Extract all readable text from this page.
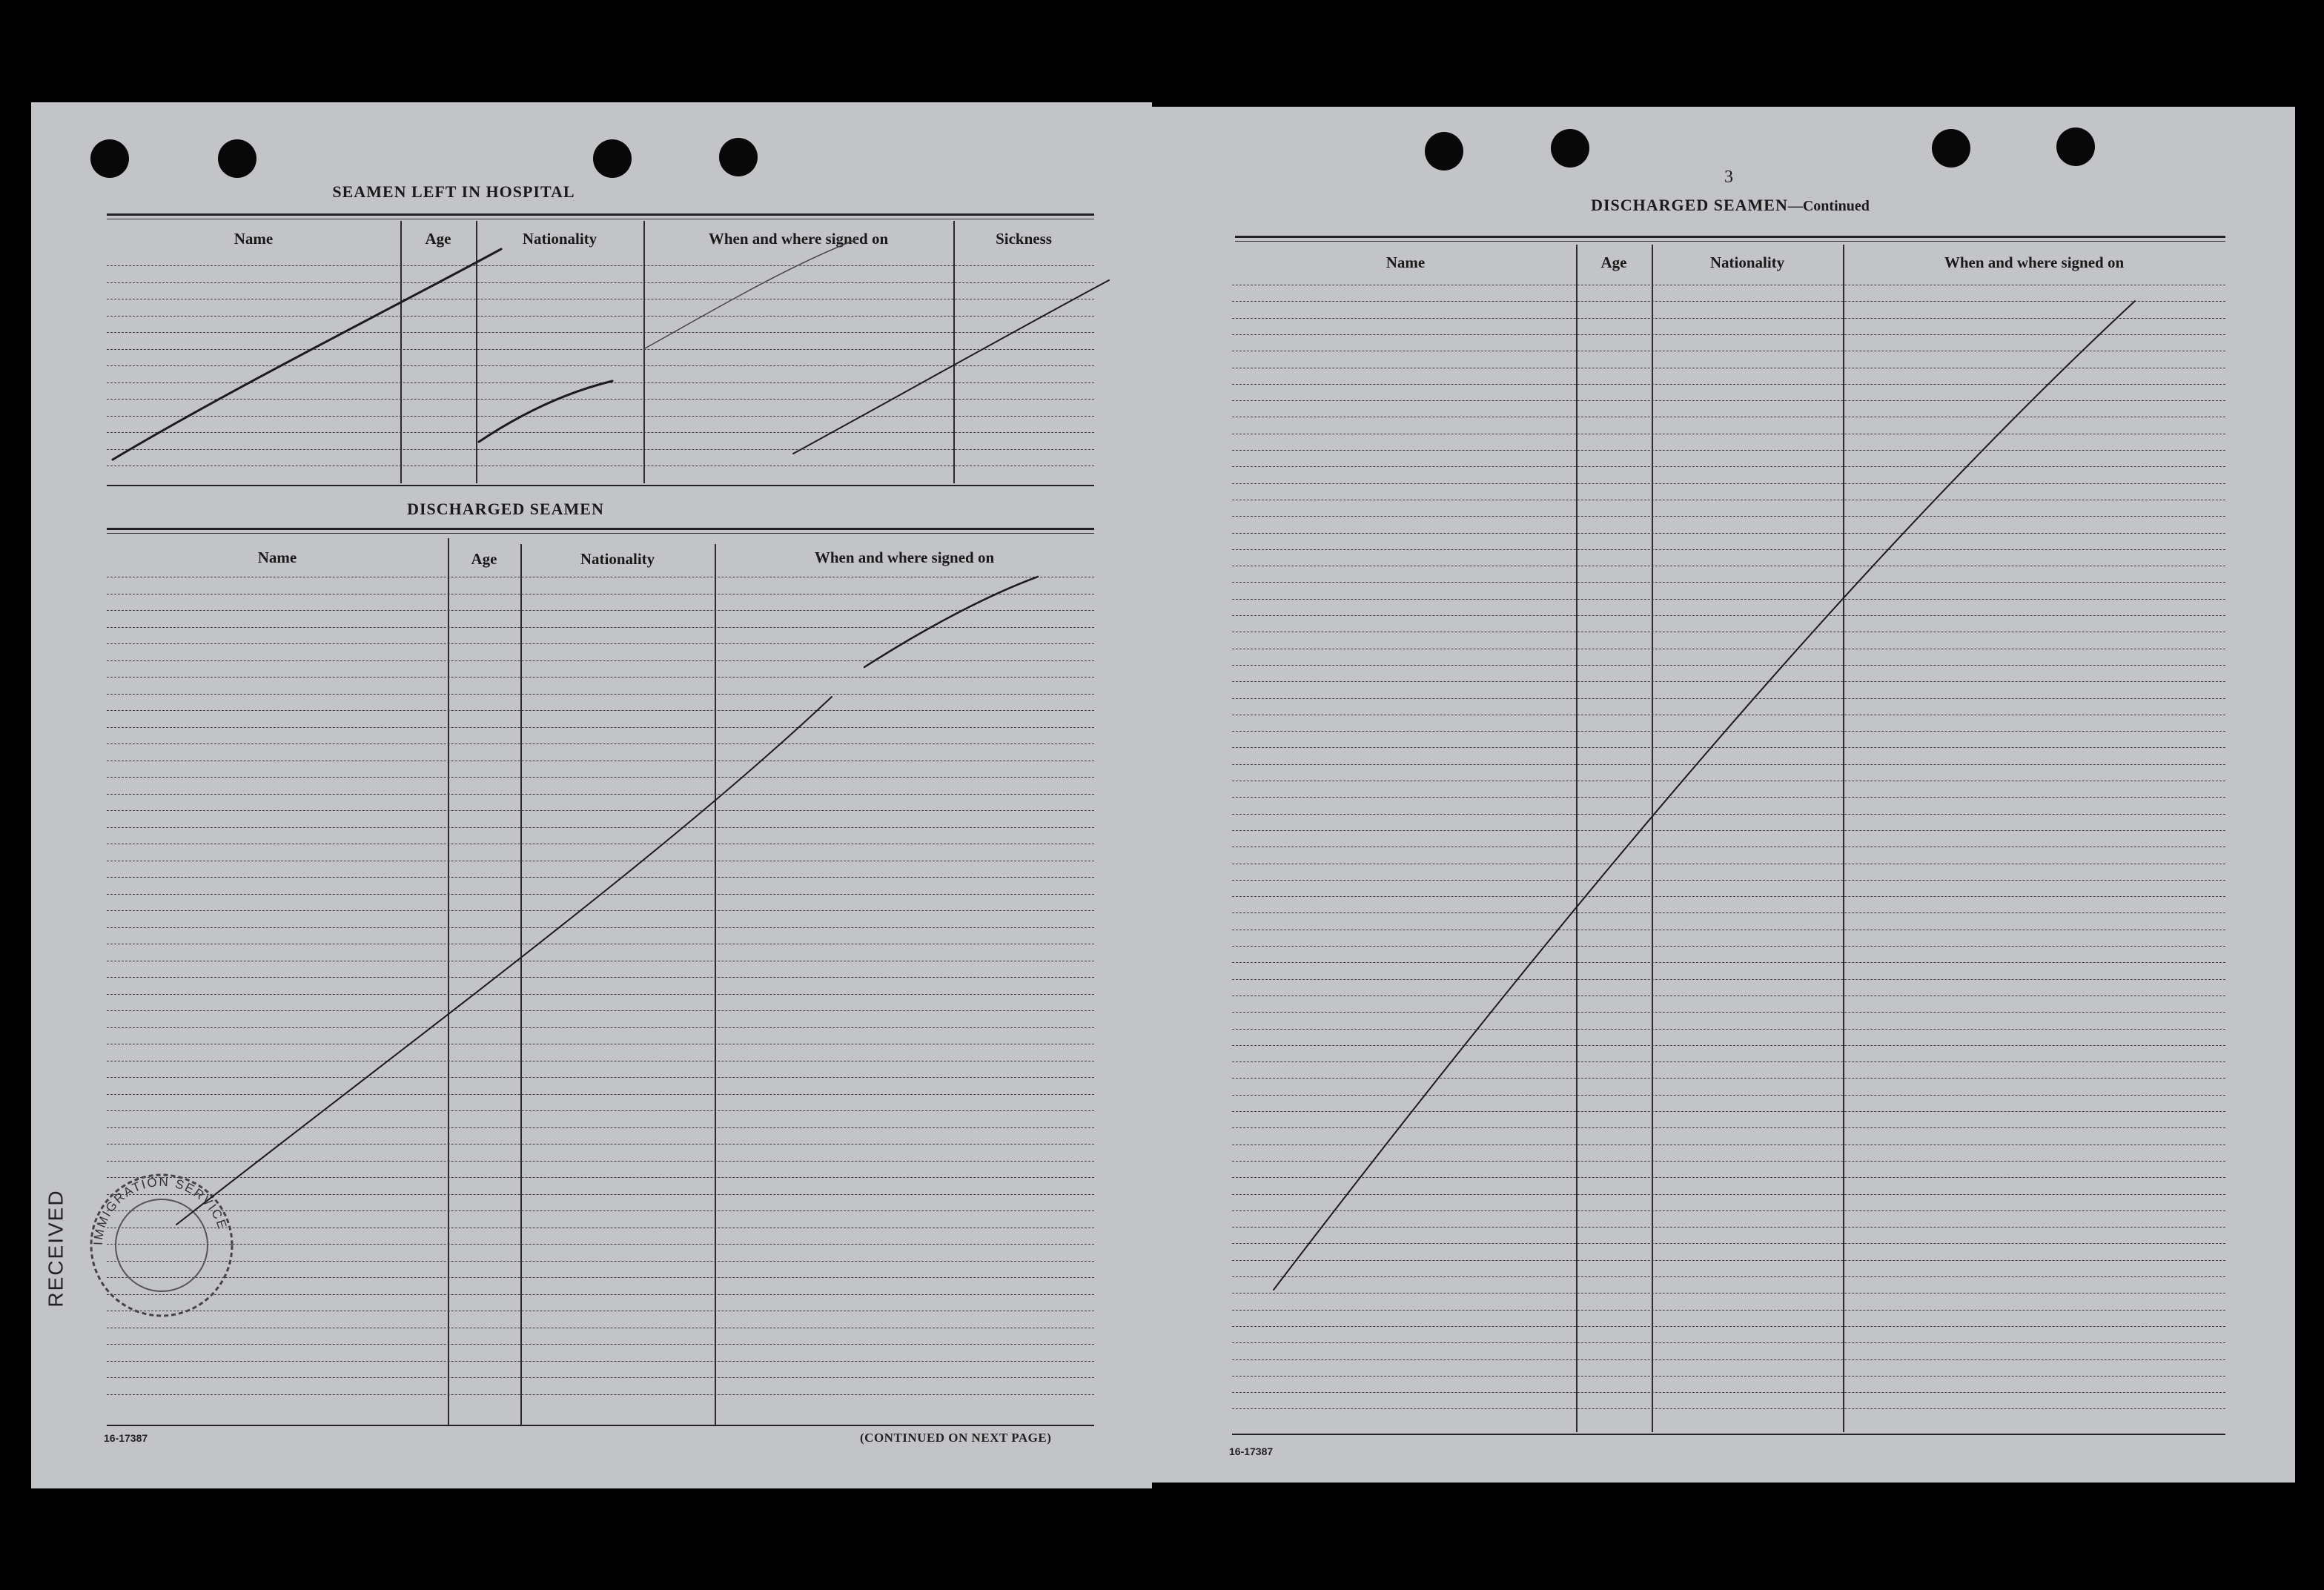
SEAMEN LEFT IN HOSPITAL
Name	Age	Nationality	When and where signed on	Sickness
DISCHARGED SEAMEN
Name	Age	Nationality	When and where signed on
16-17387	(CONTINUED ON NEXT PAGE)
IMMIGRATION SERVICE
RECEIVED
3
DISCHARGED SEAMEN—Continued
Name	Age	Nationality	When and where signed on
16-17387
